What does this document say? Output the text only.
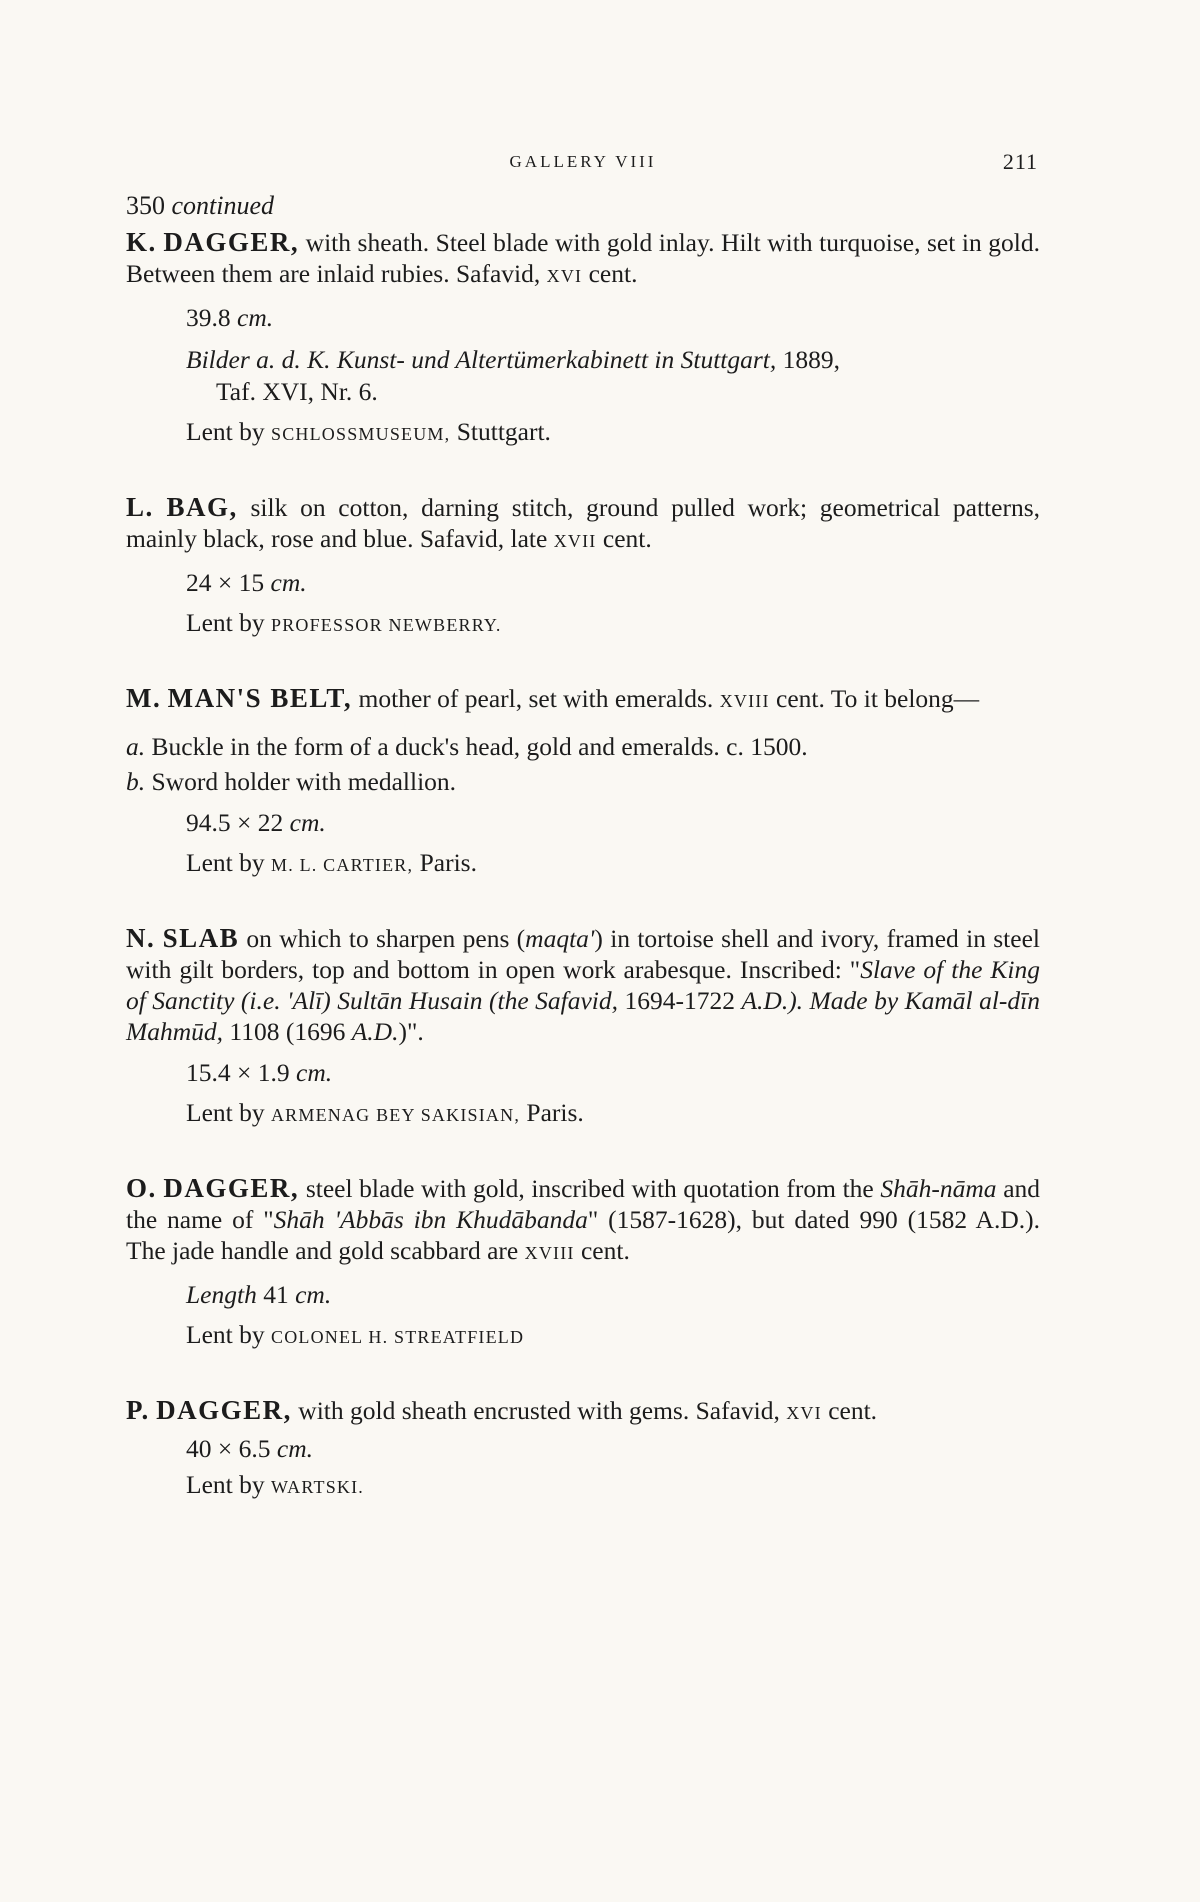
GALLERY VIII	211
350 continued
K. DAGGER, with sheath. Steel blade with gold inlay. Hilt with turquoise, set in gold. Between them are inlaid rubies. Safavid, XVI cent.
39.8 cm.
Bilder a. d. K. Kunst- und Altertümerkabinett in Stuttgart, 1889,
Taf. XVI, Nr. 6.
Lent by SCHLOSSMUSEUM, Stuttgart.
L. BAG, silk on cotton, darning stitch, ground pulled work; geometrical patterns, mainly black, rose and blue. Safavid, late XVII cent.
24 × 15 cm.
Lent by PROFESSOR NEWBERRY.
M. MAN'S BELT, mother of pearl, set with emeralds. XVIII cent. To it belong—
a. Buckle in the form of a duck's head, gold and emeralds. c. 1500.
b. Sword holder with medallion.
94.5 × 22 cm.
Lent by M. L. CARTIER, Paris.
N. SLAB on which to sharpen pens (maqta') in tortoise shell and ivory, framed in steel with gilt borders, top and bottom in open work arabesque. Inscribed: "Slave of the King of Sanctity (i.e. 'Alī) Sultān Husain (the Safavid, 1694-1722 A.D.). Made by Kamāl al-dīn Mahmūd, 1108 (1696 A.D.)".
15.4 × 1.9 cm.
Lent by ARMENAG BEY SAKISIAN, Paris.
O. DAGGER, steel blade with gold, inscribed with quotation from the Shāh-nāma and the name of "Shāh 'Abbās ibn Khudābanda" (1587-1628), but dated 990 (1582 A.D.). The jade handle and gold scabbard are XVIII cent.
Length 41 cm.
Lent by COLONEL H. STREATFIELD
P. DAGGER, with gold sheath encrusted with gems. Safavid, XVI cent.
40 × 6.5 cm.
Lent by WARTSKI.
